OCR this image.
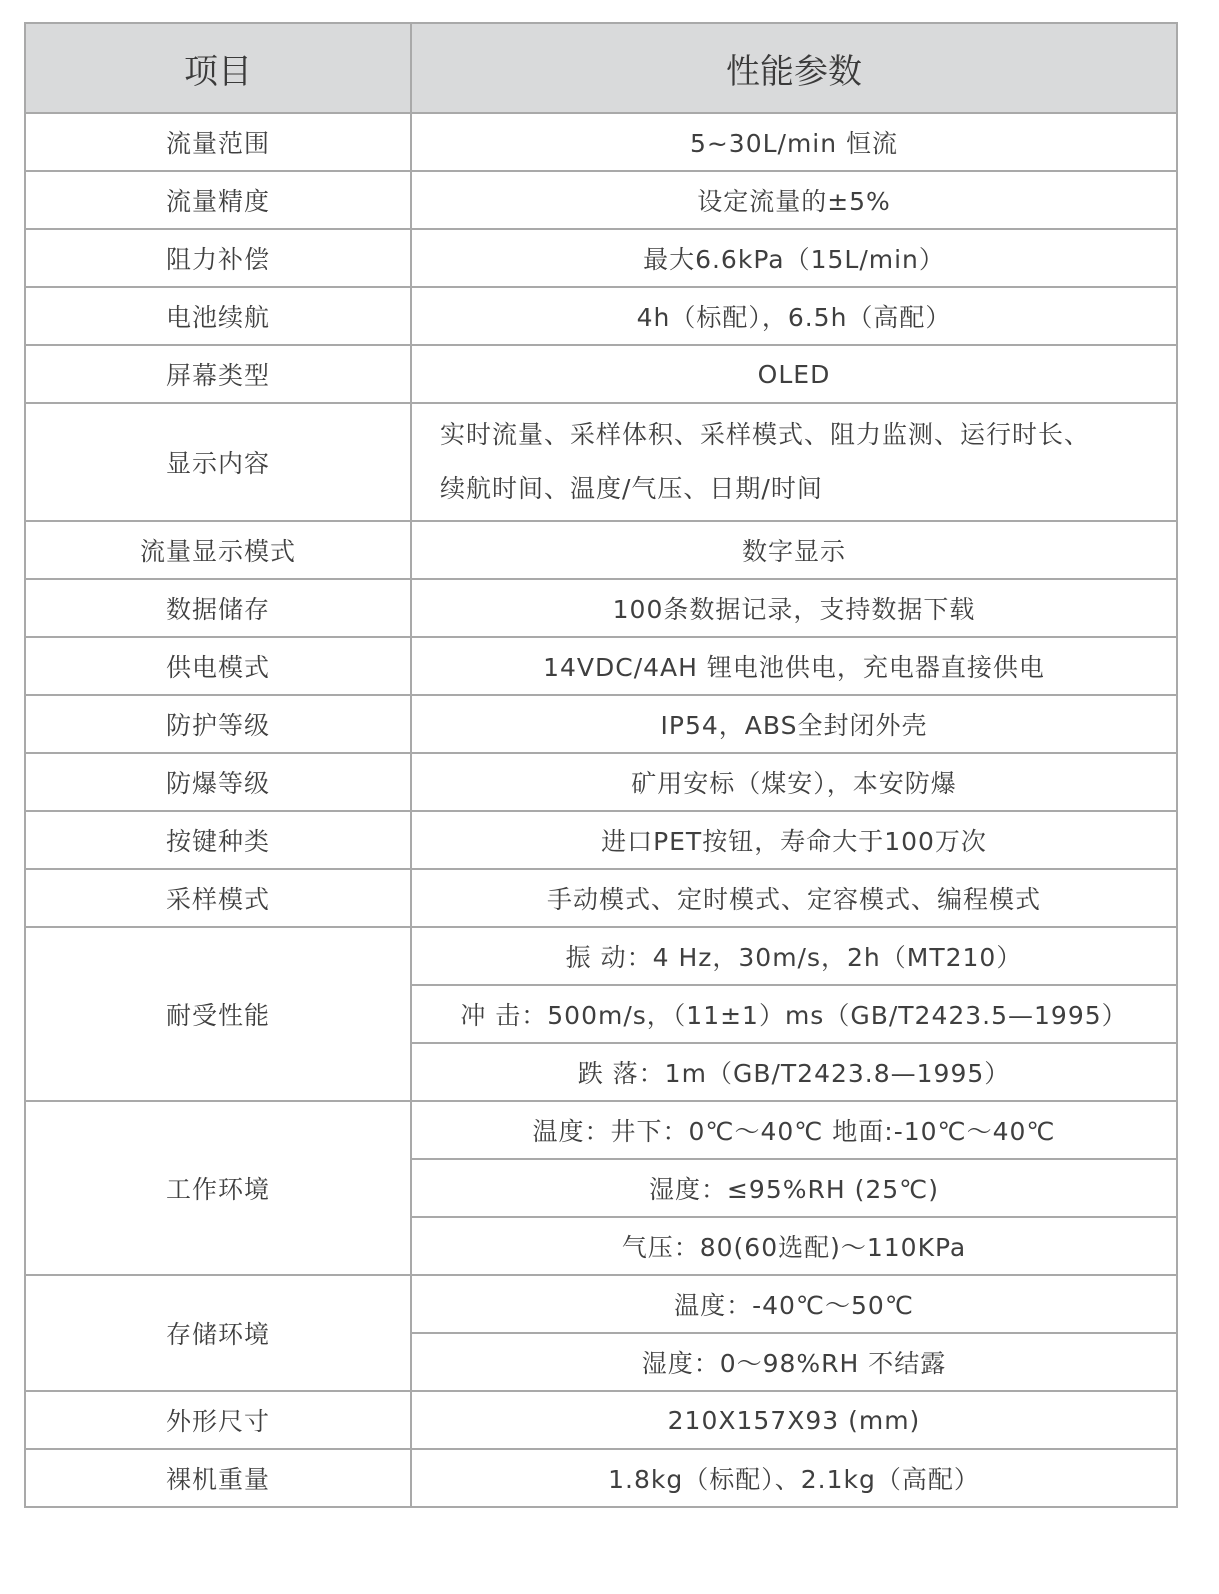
项目	性能参数
流量范围	5~30L/min 恒流
流量精度	设定流量的±5%
阻力补偿	最大6.6kPa（15L/min）
电池续航	4h（标配），6.5h（高配）
屏幕类型	OLED
显示内容	实时流量、采样体积、采样模式、阻力监测、运行时长、
续航时间、温度/气压、日期/时间

流量显示模式	数字显示
数据储存	100条数据记录，支持数据下载
供电模式	14VDC/4AH 锂电池供电，充电器直接供电
防护等级	IP54，ABS全封闭外壳
防爆等级	矿用安标（煤安），本安防爆
按键种类	进口PET按钮，寿命大于100万次
采样模式	手动模式、定时模式、定容模式、编程模式
耐受性能	振 动：4 Hz，30m/s，2h（MT210）
	冲 击：500m/s，（11±1）ms（GB/T2423.5—1995）
	跌 落：1m（GB/T2423.8—1995）
工作环境	温度：井下：0℃～40℃ 地面:-10℃～40℃
	湿度：≤95%RH (25℃)
	气压：80(60选配)～110KPa
存储环境	温度：-40℃～50℃
	湿度：0～98%RH 不结露
外形尺寸	210X157X93 (mm)
裸机重量	1.8kg（标配）、2.1kg（高配）
